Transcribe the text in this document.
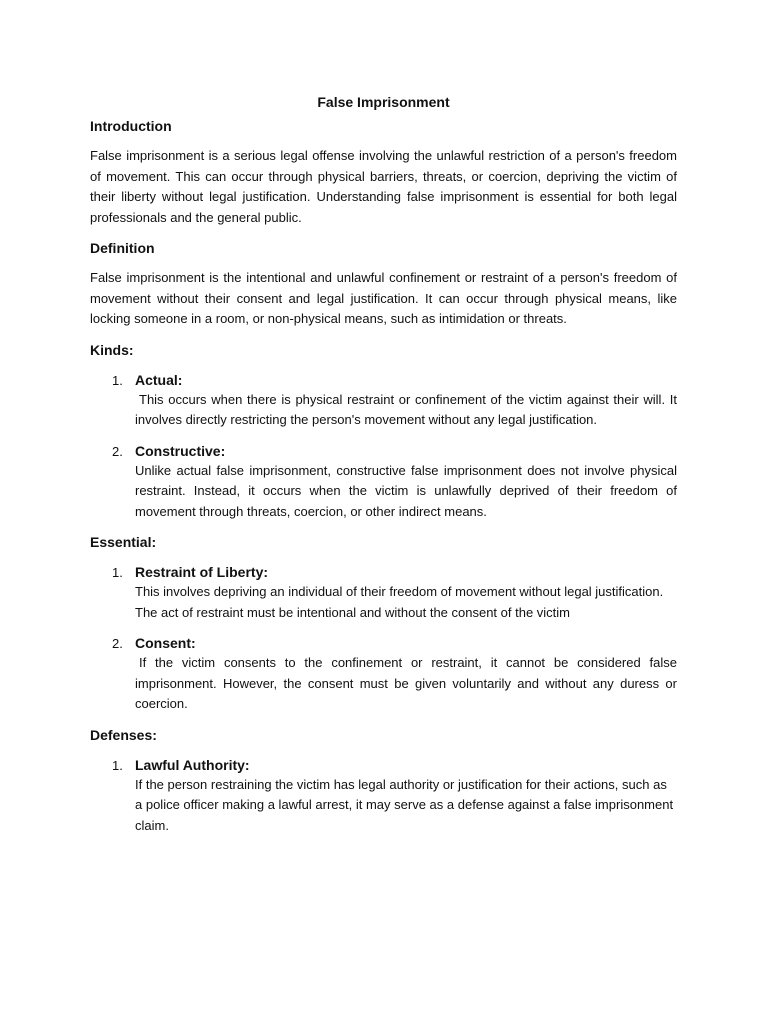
False Imprisonment
Introduction

False imprisonment is a serious legal offense involving the unlawful restriction of a person's freedom of movement. This can occur through physical barriers, threats, or coercion, depriving the victim of their liberty without legal justification. Understanding false imprisonment is essential for both legal professionals and the general public.

Definition

False imprisonment is the intentional and unlawful confinement or restraint of a person's freedom of movement without their consent and legal justification. It can occur through physical means, like locking someone in a room, or non-physical means, such as intimidation or threats.

Kinds:
1. Actual:

This occurs when there is physical restraint or confinement of the victim against their will. It involves directly restricting the person's movement without any legal justification.

2. Constructive:

Unlike actual false imprisonment, constructive false imprisonment does not involve physical restraint. Instead, it occurs when the victim is unlawfully deprived of their freedom of movement through threats, coercion, or other indirect means.

Essential:
1. Restraint of Liberty:

This involves depriving an individual of their freedom of movement without legal justification. The act of restraint must be intentional and without the consent of the victim

2. Consent:

If the victim consents to the confinement or restraint, it cannot be considered false imprisonment. However, the consent must be given voluntarily and without any duress or coercion.

Defenses:
1. Lawful Authority:

If the person restraining the victim has legal authority or justification for their actions, such as a police officer making a lawful arrest, it may serve as a defense against a false imprisonment claim.
